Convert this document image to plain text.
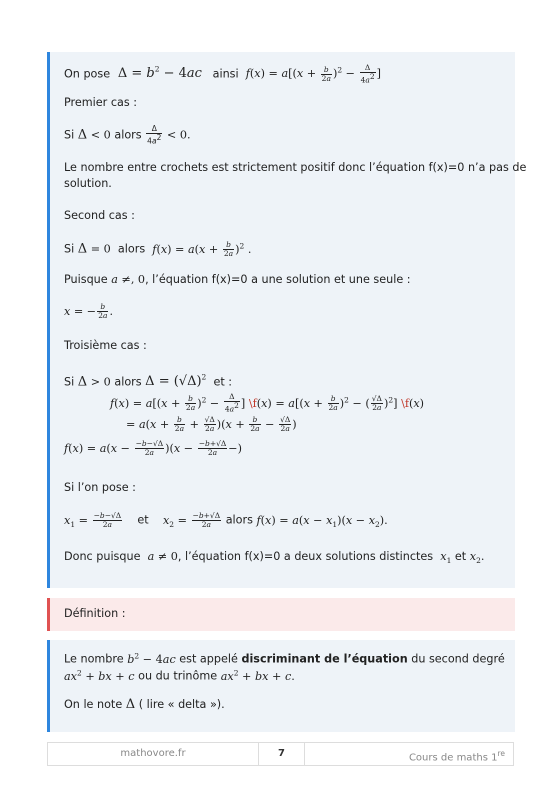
On pose  $\Delta = b^2 - 4ac$ ainsi $f(x) = a[(x + \frac{b}{2a} )^2 - \frac{\Delta}{4a^2}$ ]
Premier cas :
Si Δ < 0 alors $\frac{\Delta}{4a^2} < 0$.
Le nombre entre crochets est strictement positif donc l’équation f(x)=0 n’a pas de
solution.
Second cas :
Si Δ = 0 alors $f(x) = a(x + \frac{b}{2a} )^2$ .
Puisque a ≠, 0, l’équation f(x)=0 a une solution et une seule :
x = − $\frac{b}{2a}$ .
Troisième cas :
Si Δ > 0 alors $\Delta = (√\Delta)^2$ et :
$f(x) = a[(x + \frac{b}{2a} )^2 - \frac{\Delta}{4a^2}$ ] \f(x) = $a[(x + \frac{b}{2a} )^2$ − ( $\frac{√\Delta}{2a} )^2$] \f(x)
= $a(x + \frac{b}{2a} + \frac{√\Delta}{2a} )(x + \frac{b}{2a} - \frac{√\Delta}{2a}$ )
$f(x) = a(x - \frac{-b-√\Delta}{2a} )(x - \frac{-b+√\Delta}{2a}$ −)
Si l’on pose :
$x_1 = \frac{-b-√\Delta}{2a}$ et $x_2 = \frac{-b+√\Delta}{2a}$ alors $f(x) = a(x - x_1)(x - x_2)$.
Donc puisque a ≠ 0, l’équation f(x)=0 a deux solutions distinctes $x_1$ et $x_2$.
Définition :
Le nombre $b^2 - 4ac$ est appelé discriminant de l’équation du second degré
$ax^2$ + bx + c ou du trinôme $ax^2$ + bx + c.
On le note Δ ( lire « delta »).
mathovore.fr	7	Cours de maths 1re
